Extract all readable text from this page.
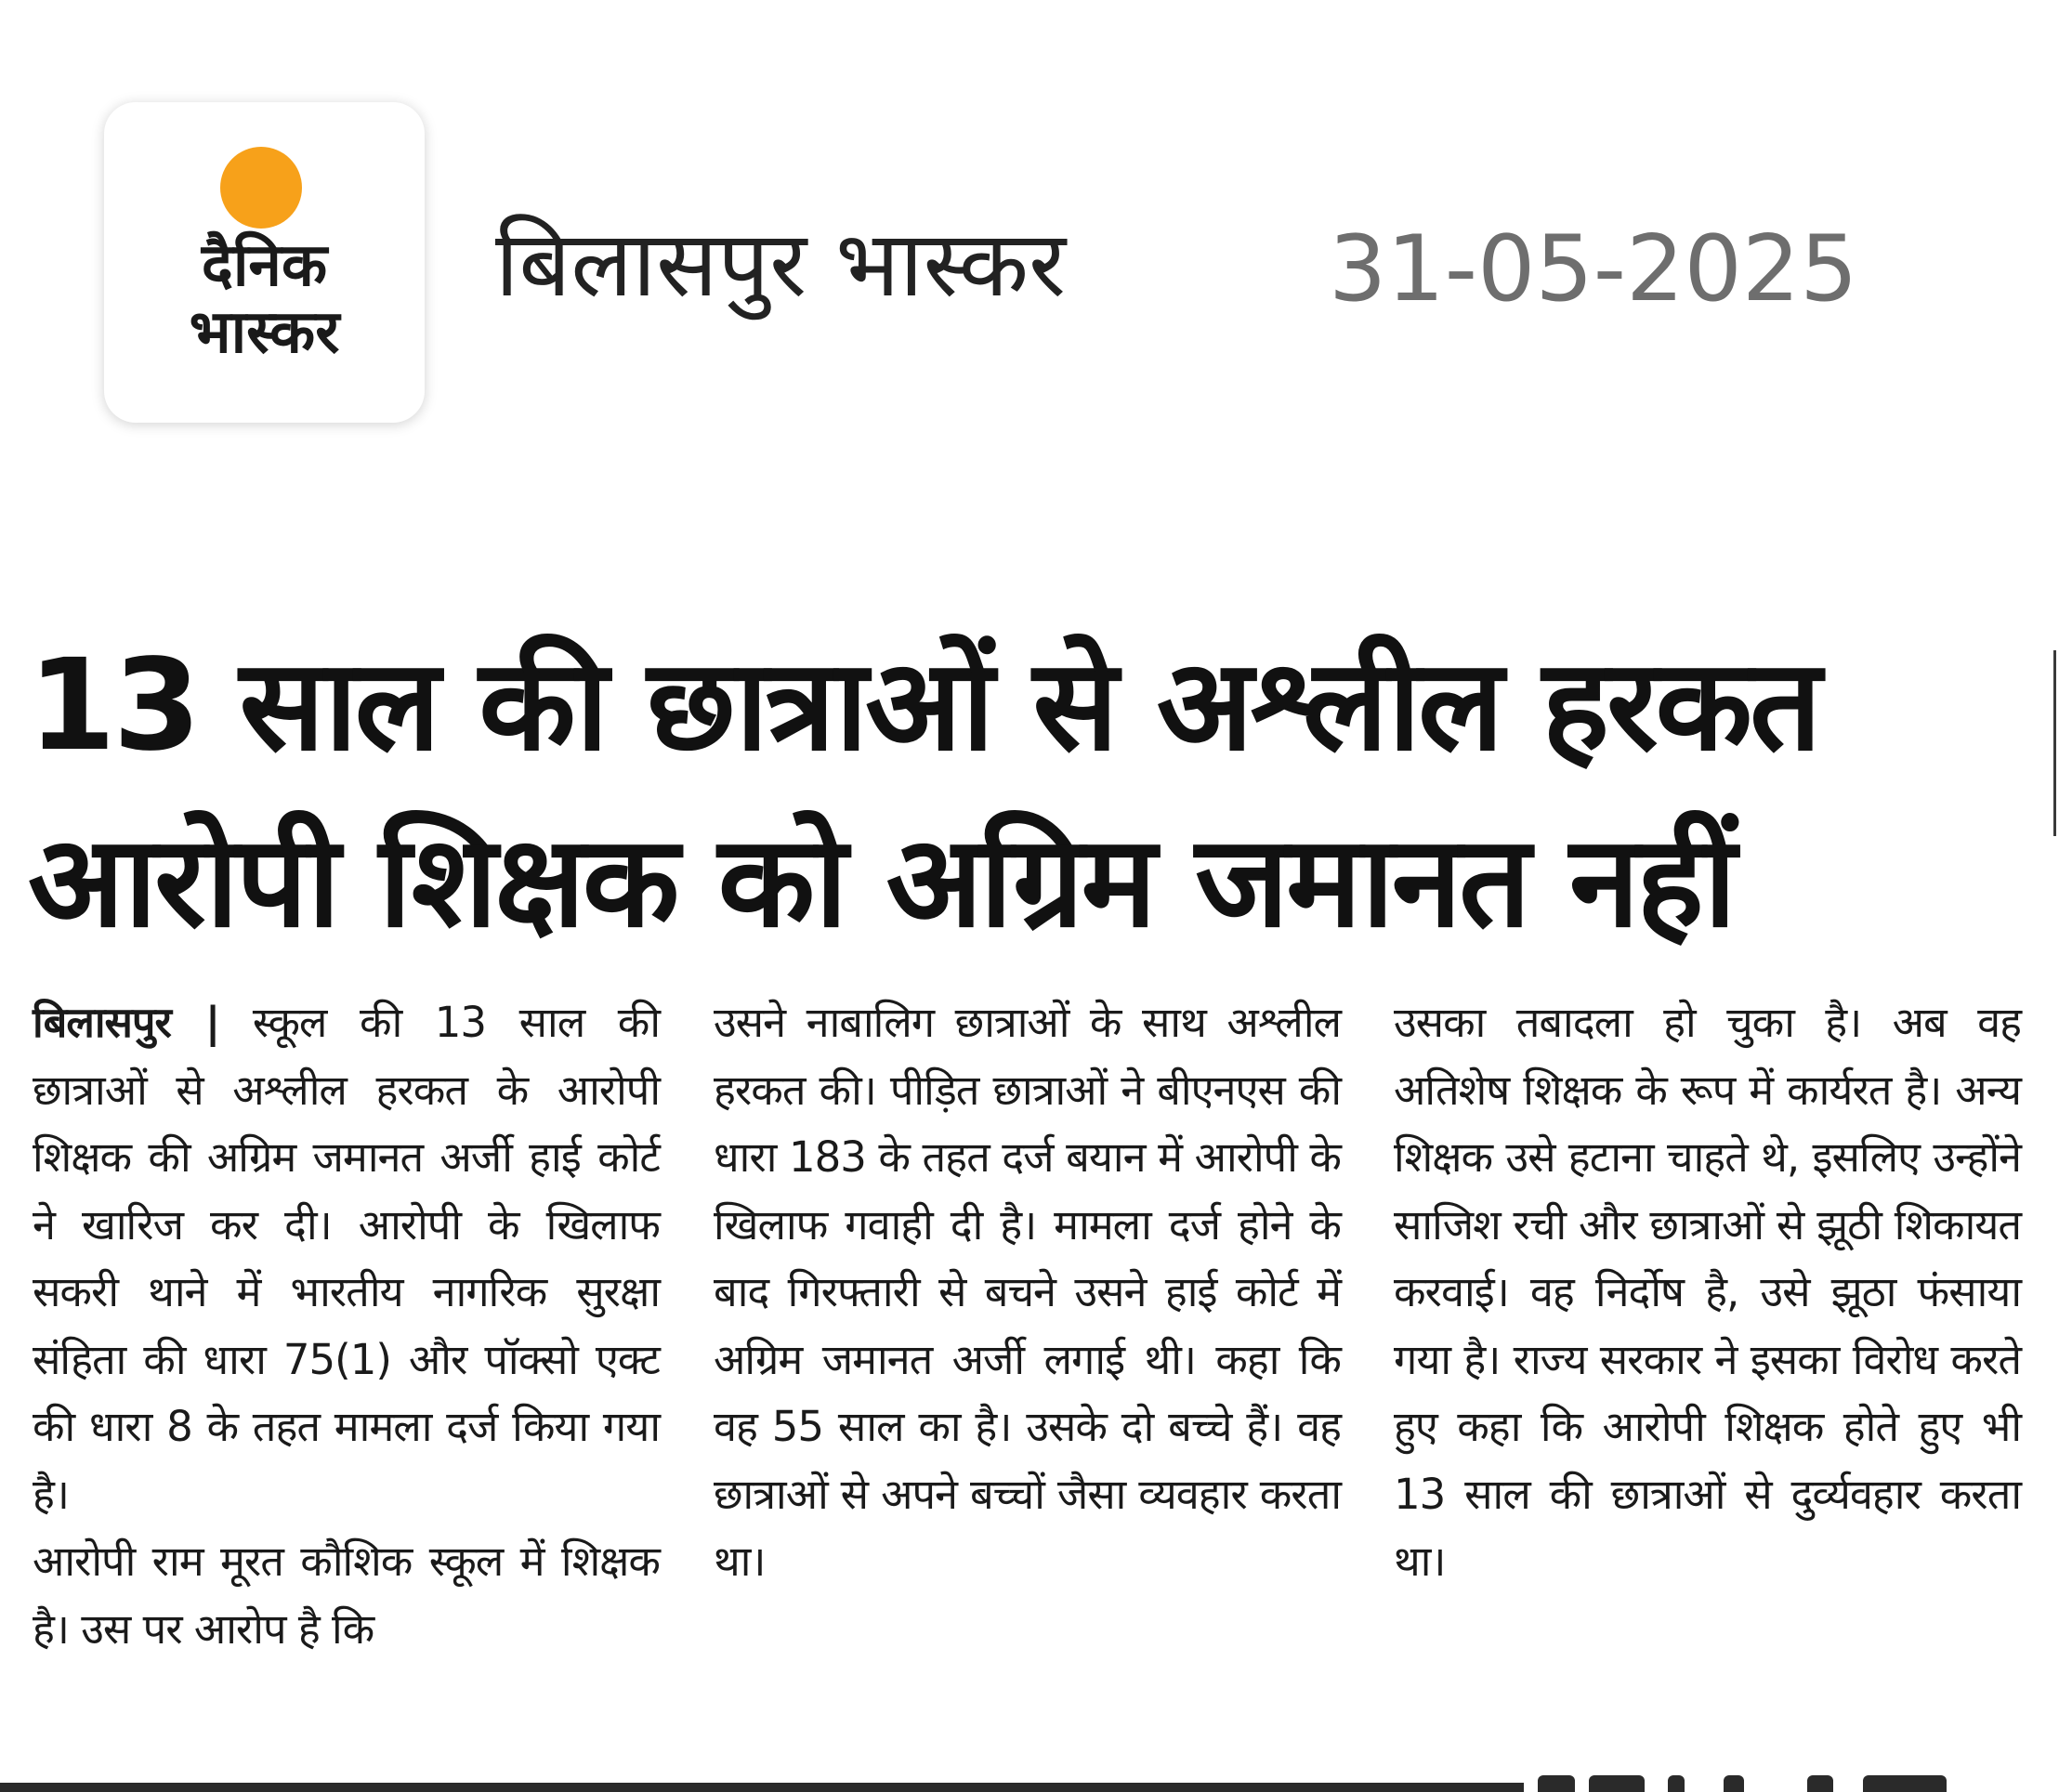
दैनिक
भास्कर
बिलासपुर भास्कर	31-05-2025
13 साल की छात्राओं से अश्लील हरकत
आरोपी शिक्षक को अग्रिम जमानत नहीं

बिलासपुर | स्कूल की 13 साल की छात्राओं से अश्लील हरकत के आरोपी शिक्षक की अग्रिम जमानत अर्जी हाई कोर्ट ने खारिज कर दी। आरोपी के खिलाफ सकरी थाने में भारतीय नागरिक सुरक्षा संहिता की धारा 75(1) और पॉक्सो एक्ट की धारा 8 के तहत मामला दर्ज किया गया है।

आरोपी राम मूरत कौशिक स्कूल में शिक्षक है। उस पर आरोप है कि

उसने नाबालिग छात्राओं के साथ अश्लील हरकत की। पीड़ित छात्राओं ने बीएनएस की धारा 183 के तहत दर्ज बयान में आरोपी के खिलाफ गवाही दी है। मामला दर्ज होने के बाद गिरफ्तारी से बचने उसने हाई कोर्ट में अग्रिम जमानत अर्जी लगाई थी। कहा कि वह 55 साल का है। उसके दो बच्चे हैं। वह छात्राओं से अपने बच्चों जैसा व्यवहार करता था।

उसका तबादला हो चुका है। अब वह अतिशेष शिक्षक के रूप में कार्यरत है। अन्य शिक्षक उसे हटाना चाहते थे, इसलिए उन्होंने साजिश रची और छात्राओं से झूठी शिकायत करवाई। वह निर्दोष है, उसे झूठा फंसाया गया है। राज्य सरकार ने इसका विरोध करते हुए कहा कि आरोपी शिक्षक होते हुए भी 13 साल की छात्राओं से दुर्व्यवहार करता था।
